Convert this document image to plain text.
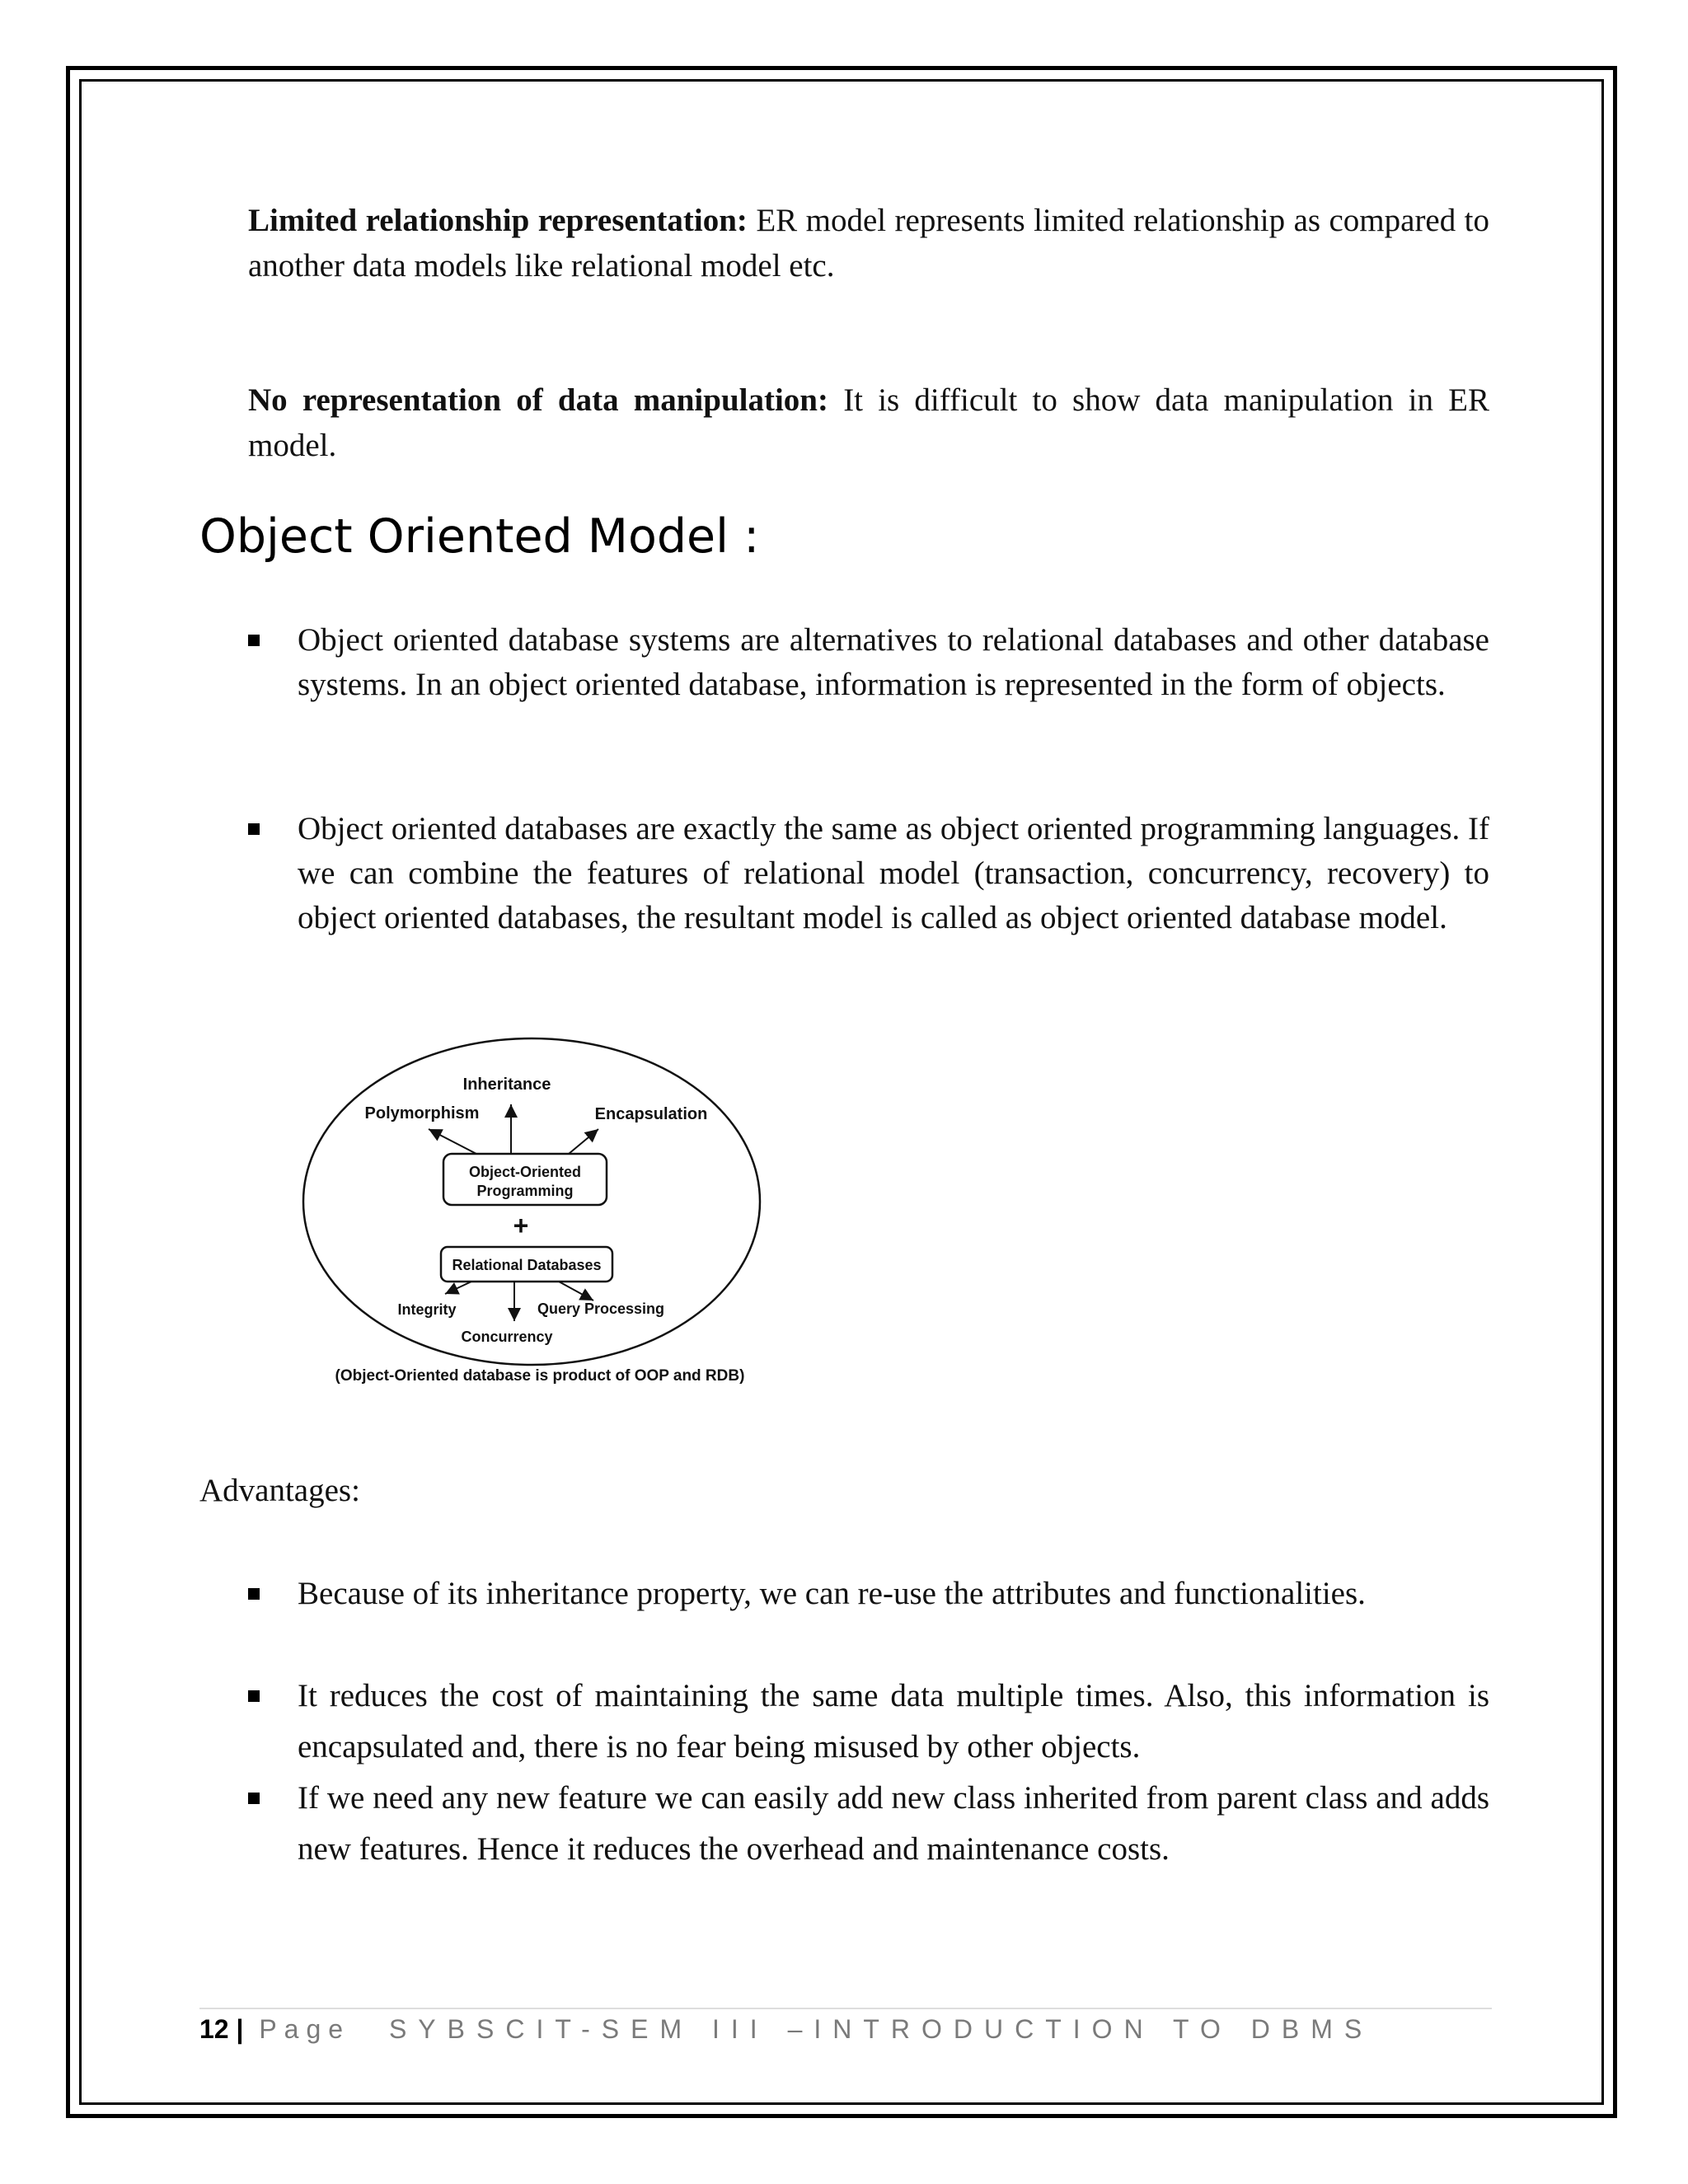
Limited relationship representation: ER model represents limited relationship as compared to another data models like relational model etc.

No representation of data manipulation: It is difficult to show data manipulation in ER model.

Object Oriented Model :
Object oriented database systems are alternatives to relational databases and other database systems. In an object oriented database, information is represented in the form of objects.
Object oriented databases are exactly the same as object oriented programming languages. If we can combine the features of relational model (transaction, concurrency, recovery) to object oriented databases, the resultant model is called as object oriented database model.
Object-Oriented
Programming
+
Relational Databases
Inheritance
Polymorphism	Encapsulation
Integrity	Query Processing
Concurrency
(Object-Oriented database is product of OOP and RDB)
Advantages:
Because of its inheritance property, we can re-use the attributes and functionalities.
It reduces the cost of maintaining the same data multiple times. Also, this information is encapsulated and, there is no fear being misused by other objects.
If we need any new feature we can easily add new class inherited from parent class and adds new features. Hence it reduces the overhead and maintenance costs.
12 | Page SYBSCIT-SEM III –INTRODUCTION TO DBMS
